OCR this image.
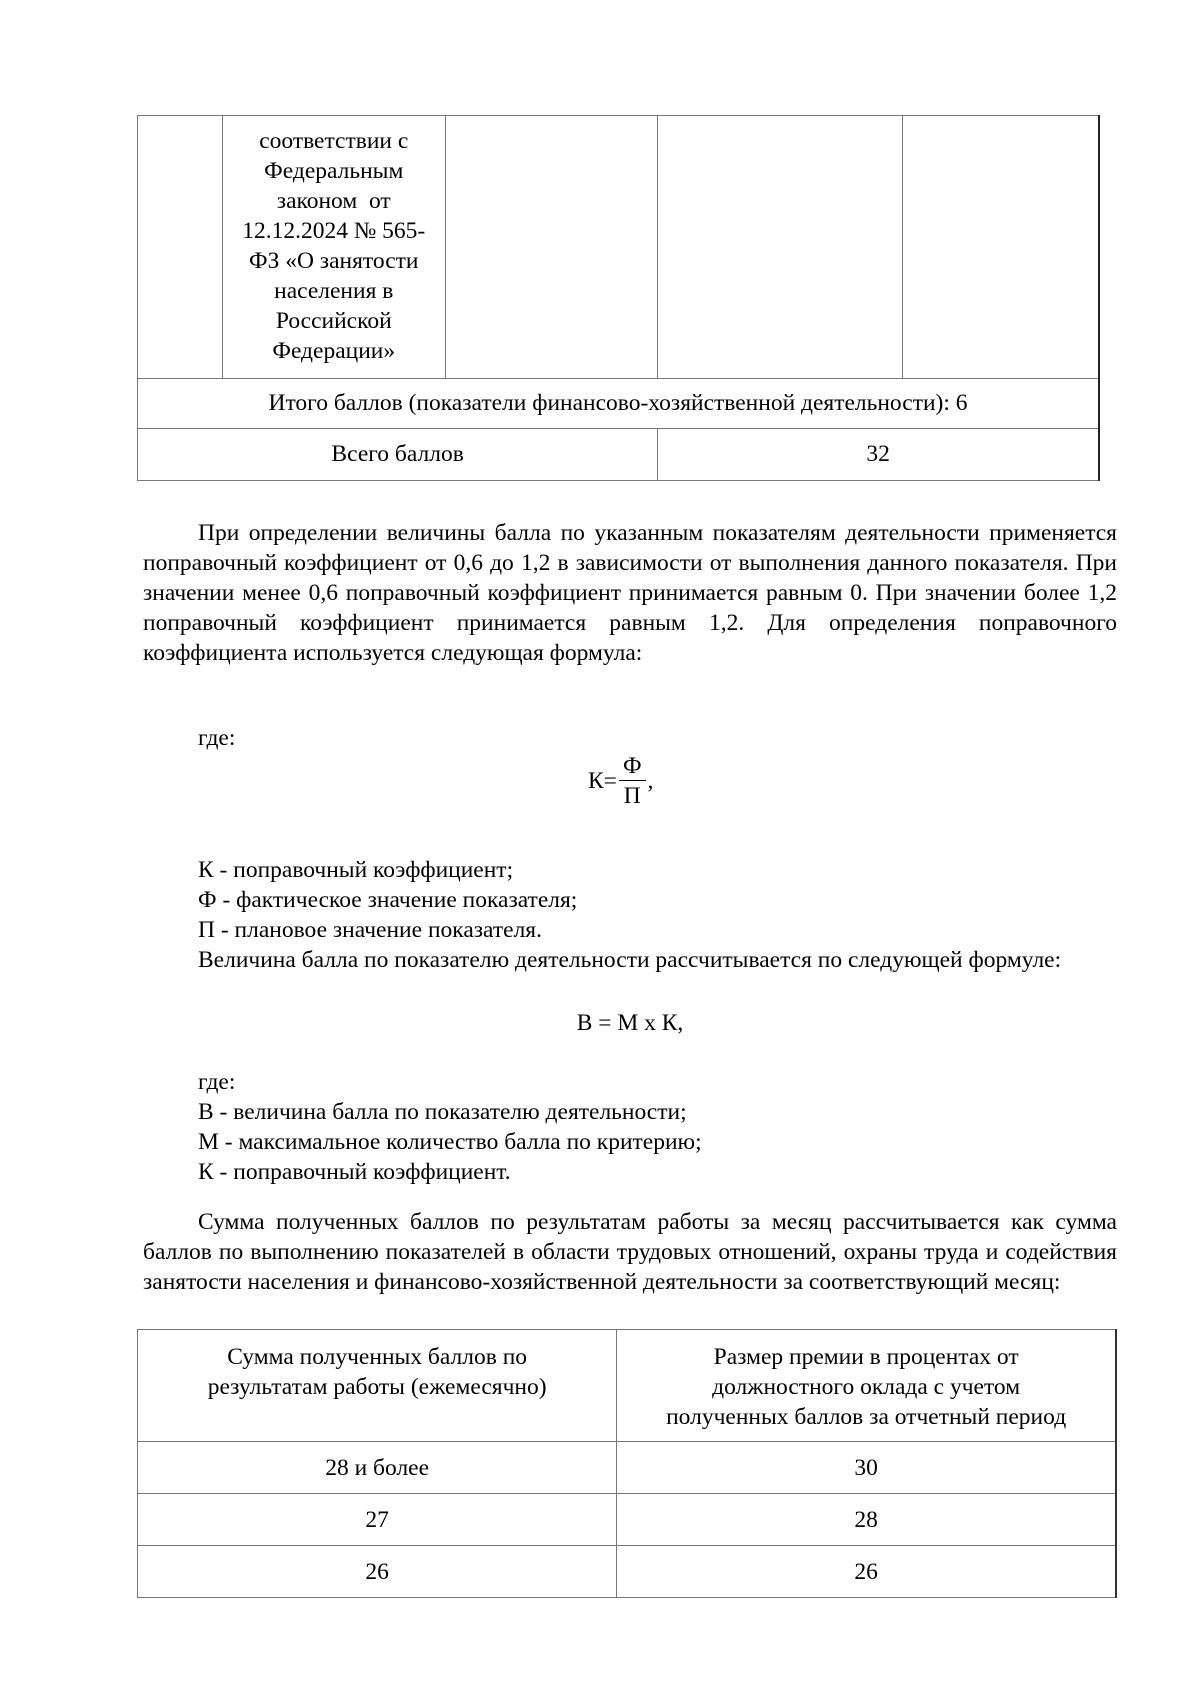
соответствии с
Федеральным
законом  от
12.12.2024 № 565-
ФЗ «О занятости
населения в
Российской
Федерации»

Итого баллов (показатели финансово-хозяйственной деятельности): 6				
Всего баллов			32	

При определении величины балла по указанным показателям деятельности применяется поправочный коэффициент от 0,6 до 1,2 в зависимости от выполнения данного показателя. При значении менее 0,6 поправочный коэффициент принимается равным 0. При значении более 1,2 поправочный коэффициент принимается равным 1,2. Для определения поправочного коэффициента используется следующая формула:

где:
$К= \frac{Ф}{П}$ ,
К - поправочный коэффициент;
Ф - фактическое значение показателя;
П - плановое значение показателя.

Величина балла по показателю деятельности рассчитывается по следующей формуле:

В = М х К,
где:
В - величина балла по показателю деятельности;
М - максимальное количество балла по критерию;
К - поправочный коэффициент.

Сумма полученных баллов по результатам работы за месяц рассчитывается как сумма баллов по выполнению показателей в области трудовых отношений, охраны труда и содействия занятости населения и финансово-хозяйственной деятельности за соответствующий месяц:

Сумма полученных баллов по
результатам работы (ежемесячно)

Размер премии в процентах от
должностного оклада с учетом
полученных баллов за отчетный период

28 и более	30
27	28
26	26
